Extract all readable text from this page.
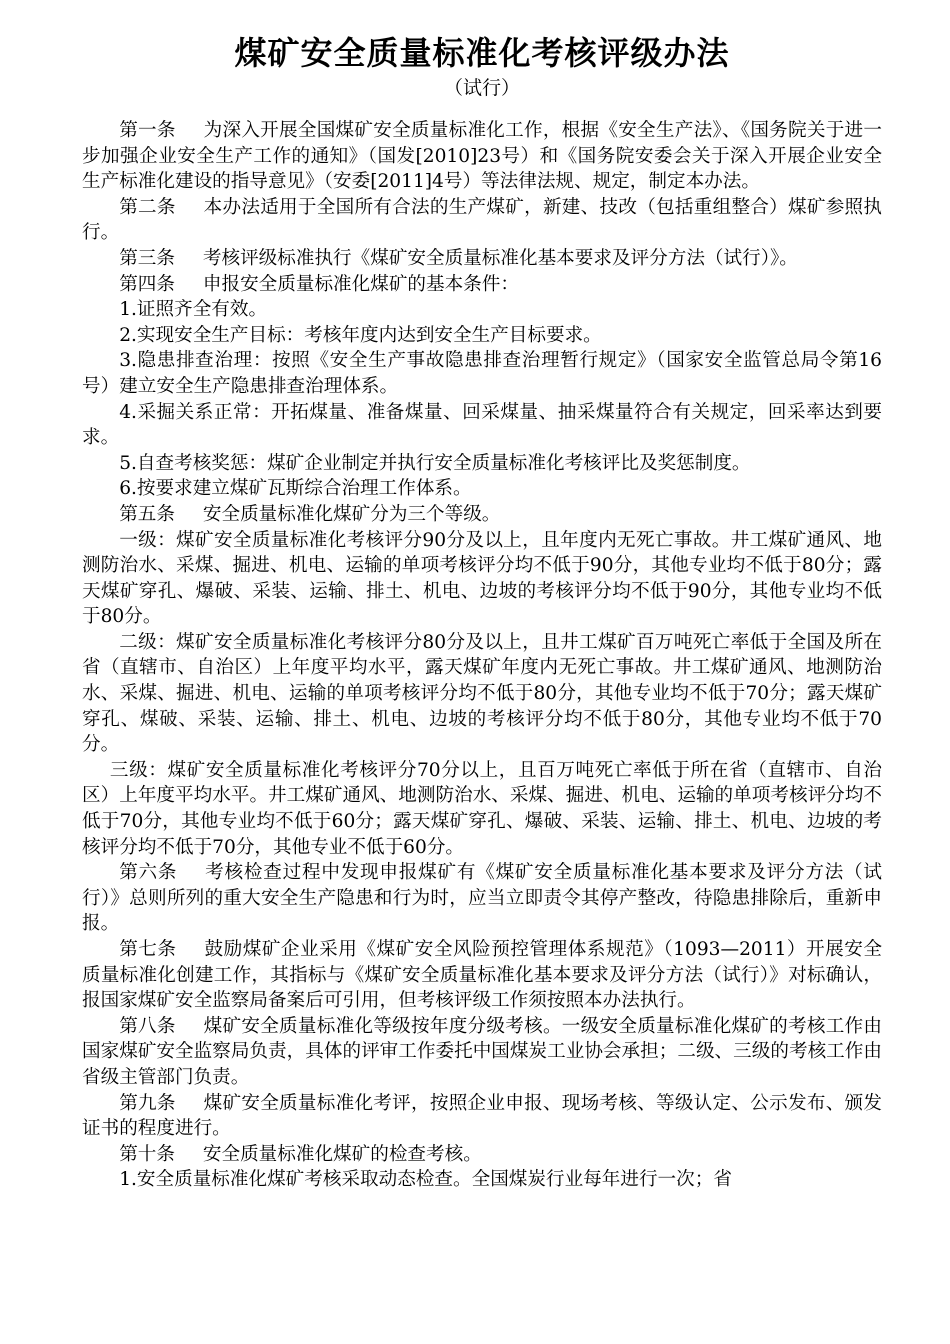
煤矿安全质量标准化考核评级办法
（试行）

第一条 为深入开展全国煤矿安全质量标准化工作，根据《安全生产法》、《国务院关于进一步加强企业安全生产工作的通知》（国发[2010]23号）和《国务院安委会关于深入开展企业安全生产标准化建设的指导意见》（安委[2011]4号）等法律法规、规定，制定本办法。

第二条 本办法适用于全国所有合法的生产煤矿，新建、技改（包括重组整合）煤矿参照执行。

第三条 考核评级标准执行《煤矿安全质量标准化基本要求及评分方法（试行）》。

第四条 申报安全质量标准化煤矿的基本条件：

1.证照齐全有效。

2.实现安全生产目标：考核年度内达到安全生产目标要求。

3.隐患排查治理：按照《安全生产事故隐患排查治理暂行规定》（国家安全监管总局令第16号）建立安全生产隐患排查治理体系。

4.采掘关系正常：开拓煤量、准备煤量、回采煤量、抽采煤量符合有关规定，回采率达到要求。

5.自查考核奖惩：煤矿企业制定并执行安全质量标准化考核评比及奖惩制度。

6.按要求建立煤矿瓦斯综合治理工作体系。

第五条 安全质量标准化煤矿分为三个等级。

一级：煤矿安全质量标准化考核评分90分及以上，且年度内无死亡事故。井工煤矿通风、地测防治水、采煤、掘进、机电、运输的单项考核评分均不低于90分，其他专业均不低于80分；露天煤矿穿孔、爆破、采装、运输、排土、机电、边坡的考核评分均不低于90分，其他专业均不低于80分。

二级：煤矿安全质量标准化考核评分80分及以上，且井工煤矿百万吨死亡率低于全国及所在省（直辖市、自治区）上年度平均水平，露天煤矿年度内无死亡事故。井工煤矿通风、地测防治水、采煤、掘进、机电、运输的单项考核评分均不低于80分，其他专业均不低于70分；露天煤矿穿孔、煤破、采装、运输、排土、机电、边坡的考核评分均不低于80分，其他专业均不低于70分。

三级：煤矿安全质量标准化考核评分70分以上，且百万吨死亡率低于所在省（直辖市、自治区）上年度平均水平。井工煤矿通风、地测防治水、采煤、掘进、机电、运输的单项考核评分均不低于70分，其他专业均不低于60分；露天煤矿穿孔、爆破、采装、运输、排土、机电、边坡的考核评分均不低于70分，其他专业不低于60分。

第六条 考核检查过程中发现申报煤矿有《煤矿安全质量标准化基本要求及评分方法（试行）》总则所列的重大安全生产隐患和行为时，应当立即责令其停产整改，待隐患排除后，重新申报。

第七条 鼓励煤矿企业采用《煤矿安全风险预控管理体系规范》（1093—2011）开展安全质量标准化创建工作，其指标与《煤矿安全质量标准化基本要求及评分方法（试行）》对标确认，报国家煤矿安全监察局备案后可引用，但考核评级工作须按照本办法执行。

第八条 煤矿安全质量标准化等级按年度分级考核。一级安全质量标准化煤矿的考核工作由国家煤矿安全监察局负责，具体的评审工作委托中国煤炭工业协会承担；二级、三级的考核工作由省级主管部门负责。

第九条 煤矿安全质量标准化考评，按照企业申报、现场考核、等级认定、公示发布、颁发证书的程度进行。

第十条 安全质量标准化煤矿的检查考核。

1.安全质量标准化煤矿考核采取动态检查。全国煤炭行业每年进行一次；省
